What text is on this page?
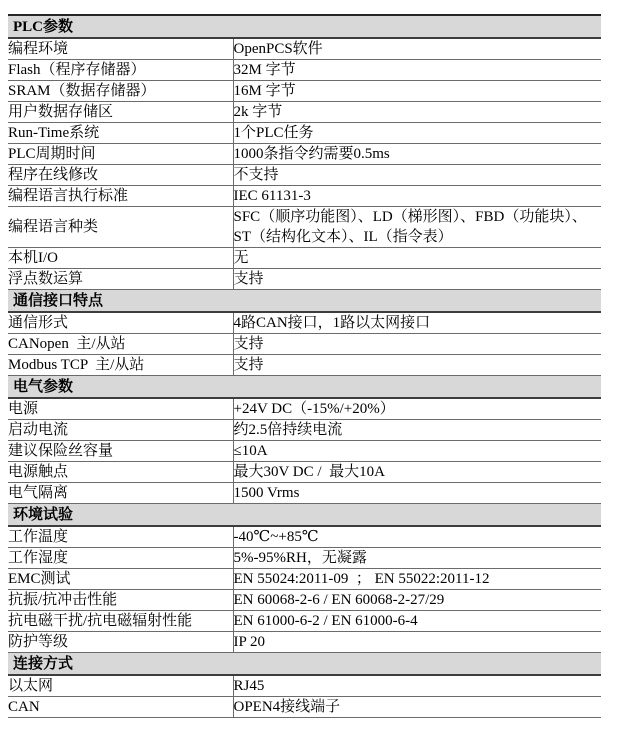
PLC参数	
编程环境	OpenPCS软件
Flash（程序存储器）	32M 字节
SRAM（数据存储器）	16M 字节
用户数据存储区	2k 字节
Run-Time系统	1个PLC任务
PLC周期时间	1000条指令约需要0.5ms
程序在线修改	不支持
编程语言执行标准	IEC 61131-3
编程语言种类	SFC（顺序功能图）、LD（梯形图）、FBD（功能块）、ST（结构化文本）、IL（指令表）
本机I/O	无
浮点数运算	支持
通信接口特点	
通信形式	4路CAN接口，1路以太网接口
CANopen  主/从站	支持
Modbus TCP  主/从站	支持
电气参数	
电源	+24V DC（-15%/+20%）
启动电流	约2.5倍持续电流
建议保险丝容量	≤10A
电源触点	最大30V DC /  最大10A
电气隔离	1500 Vrms
环境试验	
工作温度	-40℃~+85℃
工作湿度	5%-95%RH，无凝露
EMC测试	EN 55024:2011-09  ； EN 55022:2011-12
抗振/抗冲击性能	EN 60068-2-6 / EN 60068-2-27/29
抗电磁干扰/抗电磁辐射性能	EN 61000-6-2 / EN 61000-6-4
防护等级	IP 20
连接方式	
以太网	RJ45
CAN	OPEN4接线端子
